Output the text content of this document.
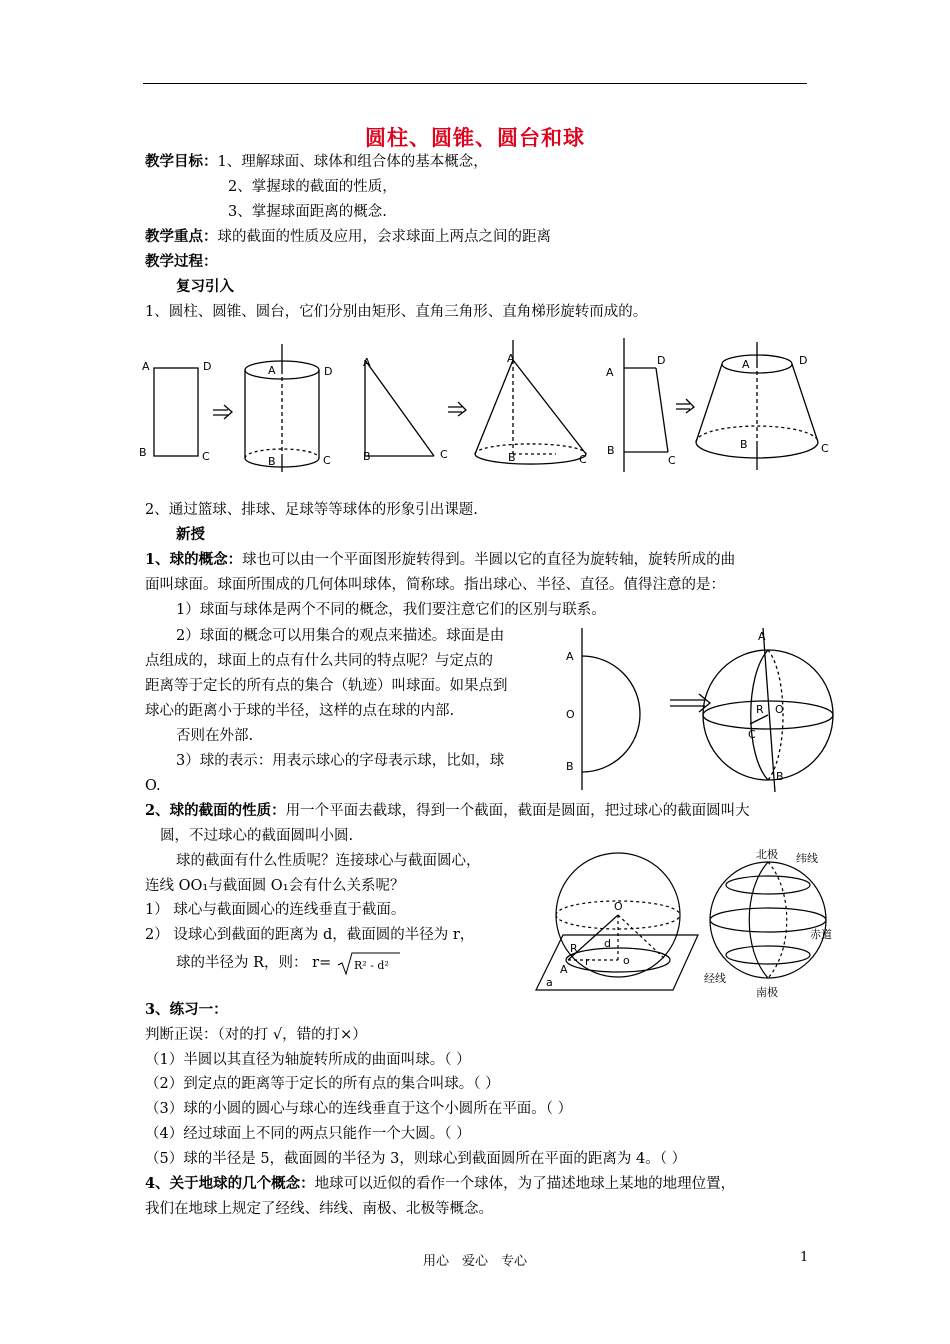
圆柱、圆锥、圆台和球
教学目标：1、理解球面、球体和组合体的基本概念，
2、掌握球的截面的性质，
3、掌握球面距离的概念.
教学重点：球的截面的性质及应用，会求球面上两点之间的距离
教学过程：
复习引入
1、圆柱、圆锥、圆台，它们分别由矩形、直角三角形、直角梯形旋转而成的。
A	D
B	C
A	D
B	C
A
B	C
A
B	C
A
D
B
C
A	D
B	C
2、通过篮球、排球、足球等等球体的形象引出课题.
新授
1、球的概念：球也可以由一个平面图形旋转得到。半圆以它的直径为旋转轴，旋转所成的曲
面叫球面。球面所围成的几何体叫球体，简称球。指出球心、半径、直径。值得注意的是：
1）球面与球体是两个不同的概念，我们要注意它们的区别与联系。
2）球面的概念可以用集合的观点来描述。球面是由
点组成的，球面上的点有什么共同的特点呢？与定点的
距离等于定长的所有点的集合（轨迹）叫球面。如果点到
球心的距离小于球的半径，这样的点在球的内部.
否则在外部.
3）球的表示：用表示球心的字母表示球，比如，球
O.
A
O
B
A
R O
C
B
2、球的截面的性质：用一个平面去截球，得到一个截面，截面是圆面，把过球心的截面圆叫大
圆，不过球心的截面圆叫小圆.
球的截面有什么性质呢？连接球心与截面圆心，
连线 OO₁与截面圆 O₁会有什么关系呢？
1） 球心与截面圆心的连线垂直于截面。
2） 设球心到截面的距离为 d，截面圆的半径为 r，
球的半径为 R，则： r= R² - d²
O
R
r
d
o
A
a
北极 纬线
赤道
经线
南极
3、练习一：
判断正误：（对的打 √，错的打×）
（1）半圆以其直径为轴旋转所成的曲面叫球。（ ）
（2）到定点的距离等于定长的所有点的集合叫球。（ ）
（3）球的小圆的圆心与球心的连线垂直于这个小圆所在平面。（ ）
（4）经过球面上不同的两点只能作一个大圆。（ ）
（5）球的半径是 5，截面圆的半径为 3，则球心到截面圆所在平面的距离为 4。（ ）
4、关于地球的几个概念：地球可以近似的看作一个球体，为了描述地球上某地的地理位置，
我们在地球上规定了经线、纬线、南极、北极等概念。
用心　爱心　专心	1
